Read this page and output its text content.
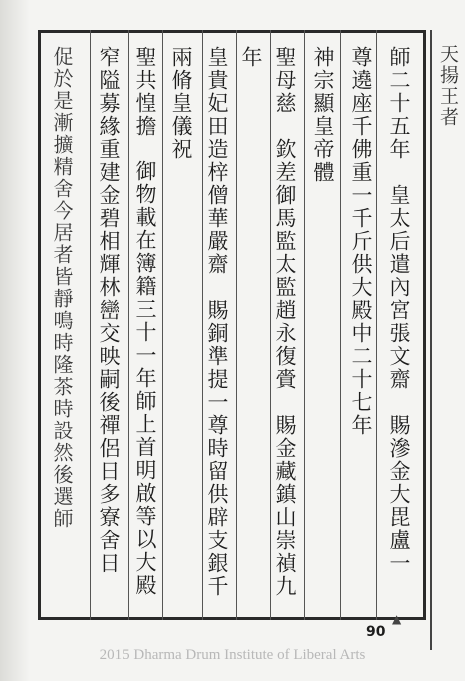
師二十五年　皇太后遣內宮張文齋　賜滲金大毘盧一
尊遶座千佛重一千斤供大殿中二十七年
聖母慈　欽差御馬監太監趙永復賫　賜金藏鎮山崇禎九 神宗顯皇帝體
皇貴妃田造梓僧華嚴齋　賜銅準提一尊時留供辟支銀千 年
兩脩皇儀祝
御物載在簿籍三十一年師上首明啟等以大殿
聖共惶擔
窄隘募緣重建金碧相輝林巒交映嗣後禪侶日多寮舍日
促於是漸擴精舍今居者皆靜鳴時隆茶時設然後選師	天揚王者
▲
90
2015 Dharma Drum Institute of Liberal Arts
